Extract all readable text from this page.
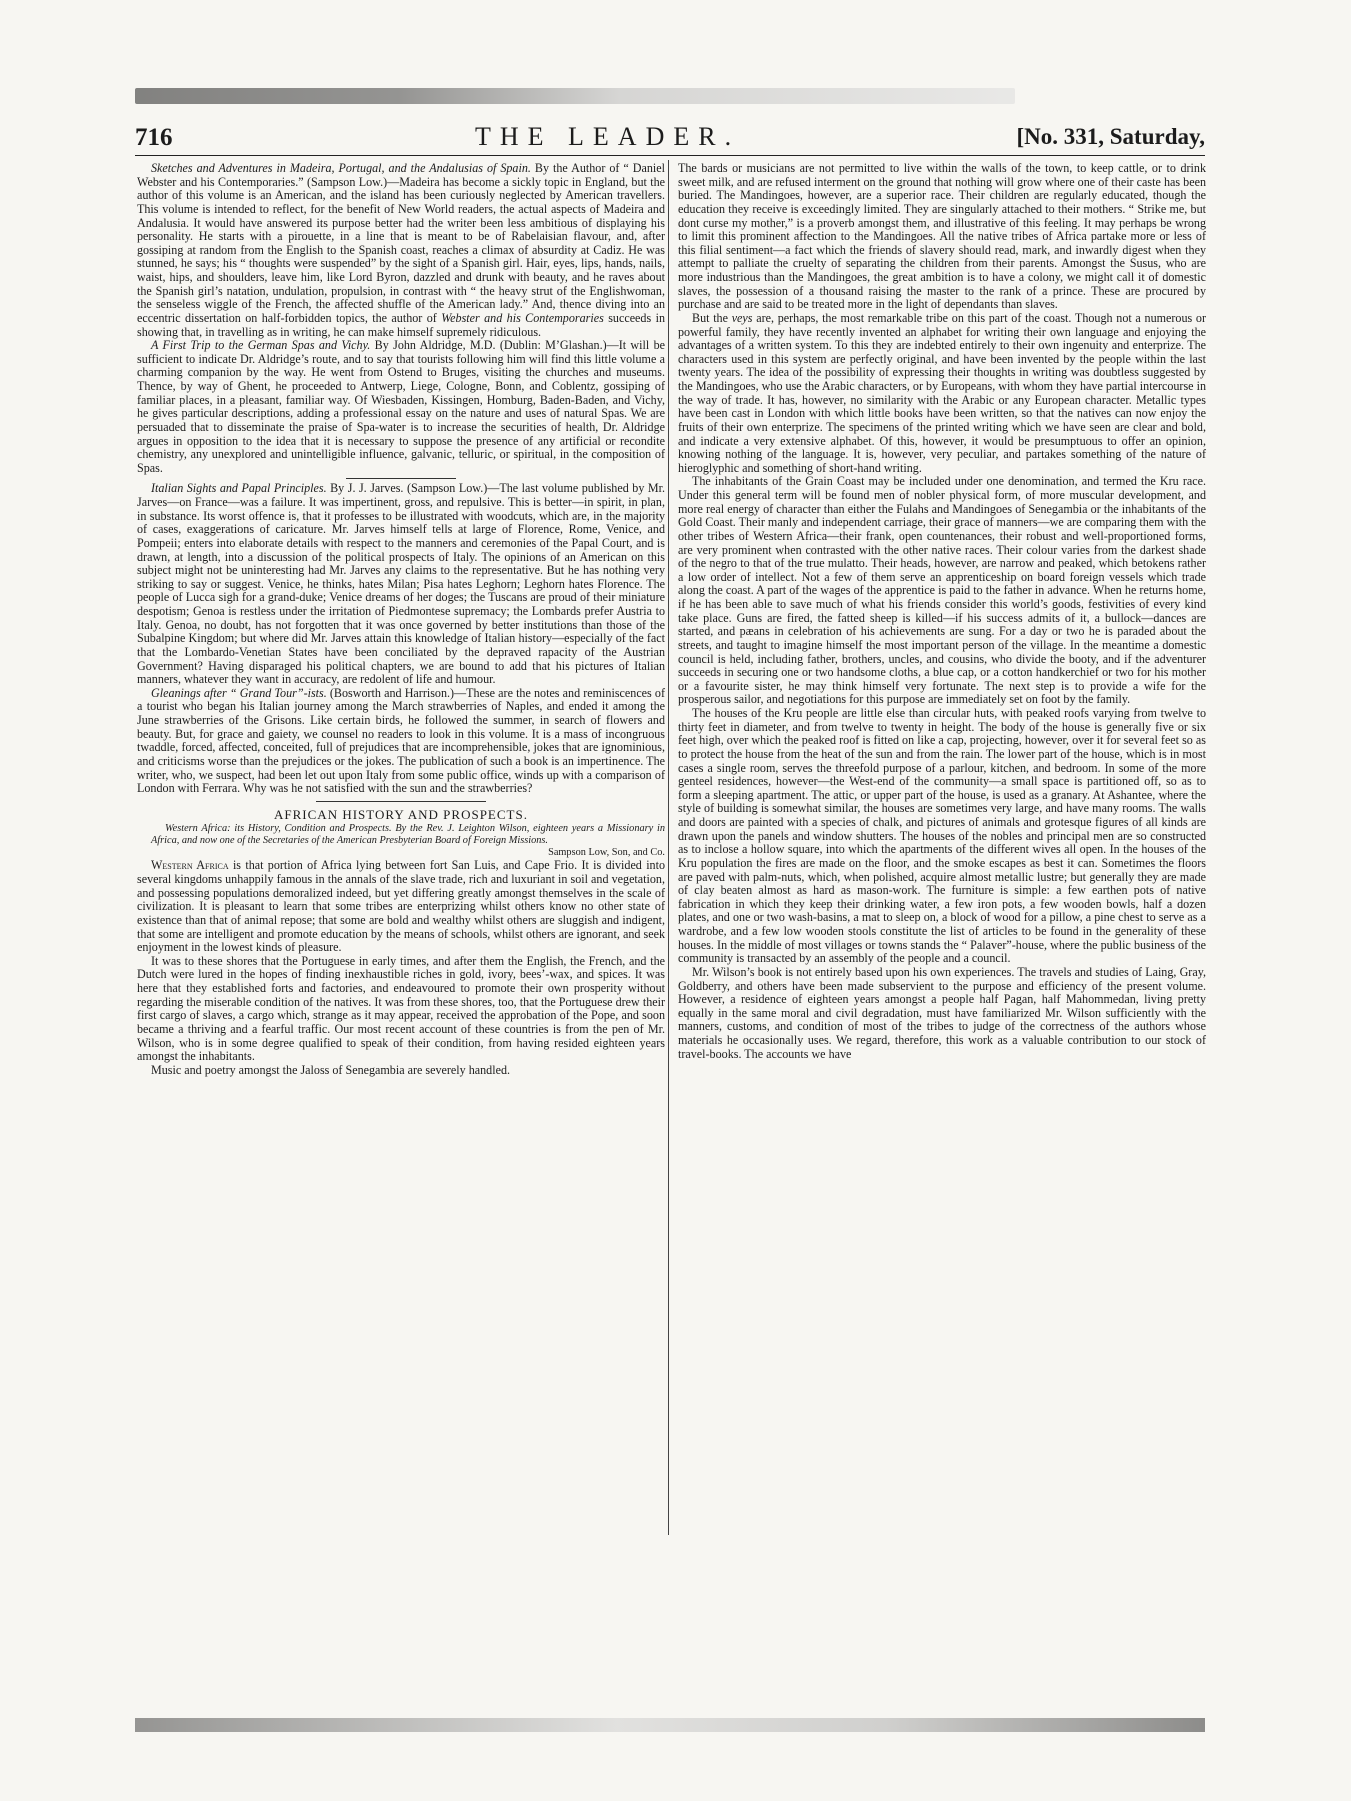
716	THE LEADER.	[No. 331, Saturday,

Sketches and Adventures in Madeira, Portugal, and the Andalusias of Spain. By the Author of “ Daniel Webster and his Contemporaries.” (Sampson Low.)—Madeira has become a sickly topic in England, but the author of this volume is an American, and the island has been curiously neglected by American travellers. This volume is intended to reflect, for the benefit of New World readers, the actual aspects of Madeira and Andalusia. It would have answered its purpose better had the writer been less ambitious of displaying his personality. He starts with a pirouette, in a line that is meant to be of Rabelaisian flavour, and, after gossiping at random from the English to the Spanish coast, reaches a climax of absurdity at Cadiz. He was stunned, he says; his “ thoughts were suspended” by the sight of a Spanish girl. Hair, eyes, lips, hands, nails, waist, hips, and shoulders, leave him, like Lord Byron, dazzled and drunk with beauty, and he raves about the Spanish girl’s natation, undulation, propulsion, in contrast with “ the heavy strut of the Englishwoman, the senseless wiggle of the French, the affected shuffle of the American lady.” And, thence diving into an eccentric dissertation on half-forbidden topics, the author of Webster and his Contemporaries succeeds in showing that, in travelling as in writing, he can make himself supremely ridiculous.

A First Trip to the German Spas and Vichy. By John Aldridge, M.D. (Dublin: M’Glashan.)—It will be sufficient to indicate Dr. Aldridge’s route, and to say that tourists following him will find this little volume a charming companion by the way. He went from Ostend to Bruges, visiting the churches and museums. Thence, by way of Ghent, he proceeded to Antwerp, Liege, Cologne, Bonn, and Coblentz, gossiping of familiar places, in a pleasant, familiar way. Of Wiesbaden, Kissingen, Homburg, Baden-Baden, and Vichy, he gives particular descriptions, adding a professional essay on the nature and uses of natural Spas. We are persuaded that to disseminate the praise of Spa-water is to increase the securities of health, Dr. Aldridge argues in opposition to the idea that it is necessary to suppose the presence of any artificial or recondite chemistry, any unexplored and unintelligible influence, galvanic, telluric, or spiritual, in the composition of Spas.

Italian Sights and Papal Principles. By J. J. Jarves. (Sampson Low.)—The last volume published by Mr. Jarves—on France—was a failure. It was impertinent, gross, and repulsive. This is better—in spirit, in plan, in substance. Its worst offence is, that it professes to be illustrated with woodcuts, which are, in the majority of cases, exaggerations of caricature. Mr. Jarves himself tells at large of Florence, Rome, Venice, and Pompeii; enters into elaborate details with respect to the manners and ceremonies of the Papal Court, and is drawn, at length, into a discussion of the political prospects of Italy. The opinions of an American on this subject might not be uninteresting had Mr. Jarves any claims to the representative. But he has nothing very striking to say or suggest. Venice, he thinks, hates Milan; Pisa hates Leghorn; Leghorn hates Florence. The people of Lucca sigh for a grand-duke; Venice dreams of her doges; the Tuscans are proud of their miniature despotism; Genoa is restless under the irritation of Piedmontese supremacy; the Lombards prefer Austria to Italy. Genoa, no doubt, has not forgotten that it was once governed by better institutions than those of the Subalpine Kingdom; but where did Mr. Jarves attain this knowledge of Italian history—especially of the fact that the Lombardo-Venetian States have been conciliated by the depraved rapacity of the Austrian Government? Having disparaged his political chapters, we are bound to add that his pictures of Italian manners, whatever they want in accuracy, are redolent of life and humour.

Gleanings after “ Grand Tour”-ists. (Bosworth and Harrison.)—These are the notes and reminiscences of a tourist who began his Italian journey among the March strawberries of Naples, and ended it among the June strawberries of the Grisons. Like certain birds, he followed the summer, in search of flowers and beauty. But, for grace and gaiety, we counsel no readers to look in this volume. It is a mass of incongruous twaddle, forced, affected, conceited, full of prejudices that are incomprehensible, jokes that are ignominious, and criticisms worse than the prejudices or the jokes. The publication of such a book is an impertinence. The writer, who, we suspect, had been let out upon Italy from some public office, winds up with a comparison of London with Ferrara. Why was he not satisfied with the sun and the strawberries?

AFRICAN HISTORY AND PROSPECTS.

Western Africa: its History, Condition and Prospects. By the Rev. J. Leighton Wilson, eighteen years a Missionary in Africa, and now one of the Secretaries of the American Presbyterian Board of Foreign Missions.

Sampson Low, Son, and Co.

Western Africa is that portion of Africa lying between fort San Luis, and Cape Frio. It is divided into several kingdoms unhappily famous in the annals of the slave trade, rich and luxuriant in soil and vegetation, and possessing populations demoralized indeed, but yet differing greatly amongst themselves in the scale of civilization. It is pleasant to learn that some tribes are enterprizing whilst others know no other state of existence than that of animal repose; that some are bold and wealthy whilst others are sluggish and indigent, that some are intelligent and promote education by the means of schools, whilst others are ignorant, and seek enjoyment in the lowest kinds of pleasure.

It was to these shores that the Portuguese in early times, and after them the English, the French, and the Dutch were lured in the hopes of finding inexhaustible riches in gold, ivory, bees’-wax, and spices. It was here that they established forts and factories, and endeavoured to promote their own prosperity without regarding the miserable condition of the natives. It was from these shores, too, that the Portuguese drew their first cargo of slaves, a cargo which, strange as it may appear, received the approbation of the Pope, and soon became a thriving and a fearful traffic. Our most recent account of these countries is from the pen of Mr. Wilson, who is in some degree qualified to speak of their condition, from having resided eighteen years amongst the inhabitants.

Music and poetry amongst the Jaloss of Senegambia are severely handled.

The bards or musicians are not permitted to live within the walls of the town, to keep cattle, or to drink sweet milk, and are refused interment on the ground that nothing will grow where one of their caste has been buried. The Mandingoes, however, are a superior race. Their children are regularly educated, though the education they receive is exceedingly limited. They are singularly attached to their mothers. “ Strike me, but dont curse my mother,” is a proverb amongst them, and illustrative of this feeling. It may perhaps be wrong to limit this prominent affection to the Mandingoes. All the native tribes of Africa partake more or less of this filial sentiment—a fact which the friends of slavery should read, mark, and inwardly digest when they attempt to palliate the cruelty of separating the children from their parents. Amongst the Susus, who are more industrious than the Mandingoes, the great ambition is to have a colony, we might call it of domestic slaves, the possession of a thousand raising the master to the rank of a prince. These are procured by purchase and are said to be treated more in the light of dependants than slaves.

But the veys are, perhaps, the most remarkable tribe on this part of the coast. Though not a numerous or powerful family, they have recently invented an alphabet for writing their own language and enjoying the advantages of a written system. To this they are indebted entirely to their own ingenuity and enterprize. The characters used in this system are perfectly original, and have been invented by the people within the last twenty years. The idea of the possibility of expressing their thoughts in writing was doubtless suggested by the Mandingoes, who use the Arabic characters, or by Europeans, with whom they have partial intercourse in the way of trade. It has, however, no similarity with the Arabic or any European character. Metallic types have been cast in London with which little books have been written, so that the natives can now enjoy the fruits of their own enterprize. The specimens of the printed writing which we have seen are clear and bold, and indicate a very extensive alphabet. Of this, however, it would be presumptuous to offer an opinion, knowing nothing of the language. It is, however, very peculiar, and partakes something of the nature of hieroglyphic and something of short-hand writing.

The inhabitants of the Grain Coast may be included under one denomination, and termed the Kru race. Under this general term will be found men of nobler physical form, of more muscular development, and more real energy of character than either the Fulahs and Mandingoes of Senegambia or the inhabitants of the Gold Coast. Their manly and independent carriage, their grace of manners—we are comparing them with the other tribes of Western Africa—their frank, open countenances, their robust and well-proportioned forms, are very prominent when contrasted with the other native races. Their colour varies from the darkest shade of the negro to that of the true mulatto. Their heads, however, are narrow and peaked, which betokens rather a low order of intellect. Not a few of them serve an apprenticeship on board foreign vessels which trade along the coast. A part of the wages of the apprentice is paid to the father in advance. When he returns home, if he has been able to save much of what his friends consider this world’s goods, festivities of every kind take place. Guns are fired, the fatted sheep is killed—if his success admits of it, a bullock—dances are started, and pæans in celebration of his achievements are sung. For a day or two he is paraded about the streets, and taught to imagine himself the most important person of the village. In the meantime a domestic council is held, including father, brothers, uncles, and cousins, who divide the booty, and if the adventurer succeeds in securing one or two handsome cloths, a blue cap, or a cotton handkerchief or two for his mother or a favourite sister, he may think himself very fortunate. The next step is to provide a wife for the prosperous sailor, and negotiations for this purpose are immediately set on foot by the family.

The houses of the Kru people are little else than circular huts, with peaked roofs varying from twelve to thirty feet in diameter, and from twelve to twenty in height. The body of the house is generally five or six feet high, over which the peaked roof is fitted on like a cap, projecting, however, over it for several feet so as to protect the house from the heat of the sun and from the rain. The lower part of the house, which is in most cases a single room, serves the threefold purpose of a parlour, kitchen, and bedroom. In some of the more genteel residences, however—the West-end of the community—a small space is partitioned off, so as to form a sleeping apartment. The attic, or upper part of the house, is used as a granary. At Ashantee, where the style of building is somewhat similar, the houses are sometimes very large, and have many rooms. The walls and doors are painted with a species of chalk, and pictures of animals and grotesque figures of all kinds are drawn upon the panels and window shutters. The houses of the nobles and principal men are so constructed as to inclose a hollow square, into which the apartments of the different wives all open. In the houses of the Kru population the fires are made on the floor, and the smoke escapes as best it can. Sometimes the floors are paved with palm-nuts, which, when polished, acquire almost metallic lustre; but generally they are made of clay beaten almost as hard as mason-work. The furniture is simple: a few earthen pots of native fabrication in which they keep their drinking water, a few iron pots, a few wooden bowls, half a dozen plates, and one or two wash-basins, a mat to sleep on, a block of wood for a pillow, a pine chest to serve as a wardrobe, and a few low wooden stools constitute the list of articles to be found in the generality of these houses. In the middle of most villages or towns stands the “ Palaver”-house, where the public business of the community is transacted by an assembly of the people and a council.

Mr. Wilson’s book is not entirely based upon his own experiences. The travels and studies of Laing, Gray, Goldberry, and others have been made subservient to the purpose and efficiency of the present volume. However, a residence of eighteen years amongst a people half Pagan, half Mahommedan, living pretty equally in the same moral and civil degradation, must have familiarized Mr. Wilson sufficiently with the manners, customs, and condition of most of the tribes to judge of the correctness of the authors whose materials he occasionally uses. We regard, therefore, this work as a valuable contribution to our stock of travel-books. The accounts we have
